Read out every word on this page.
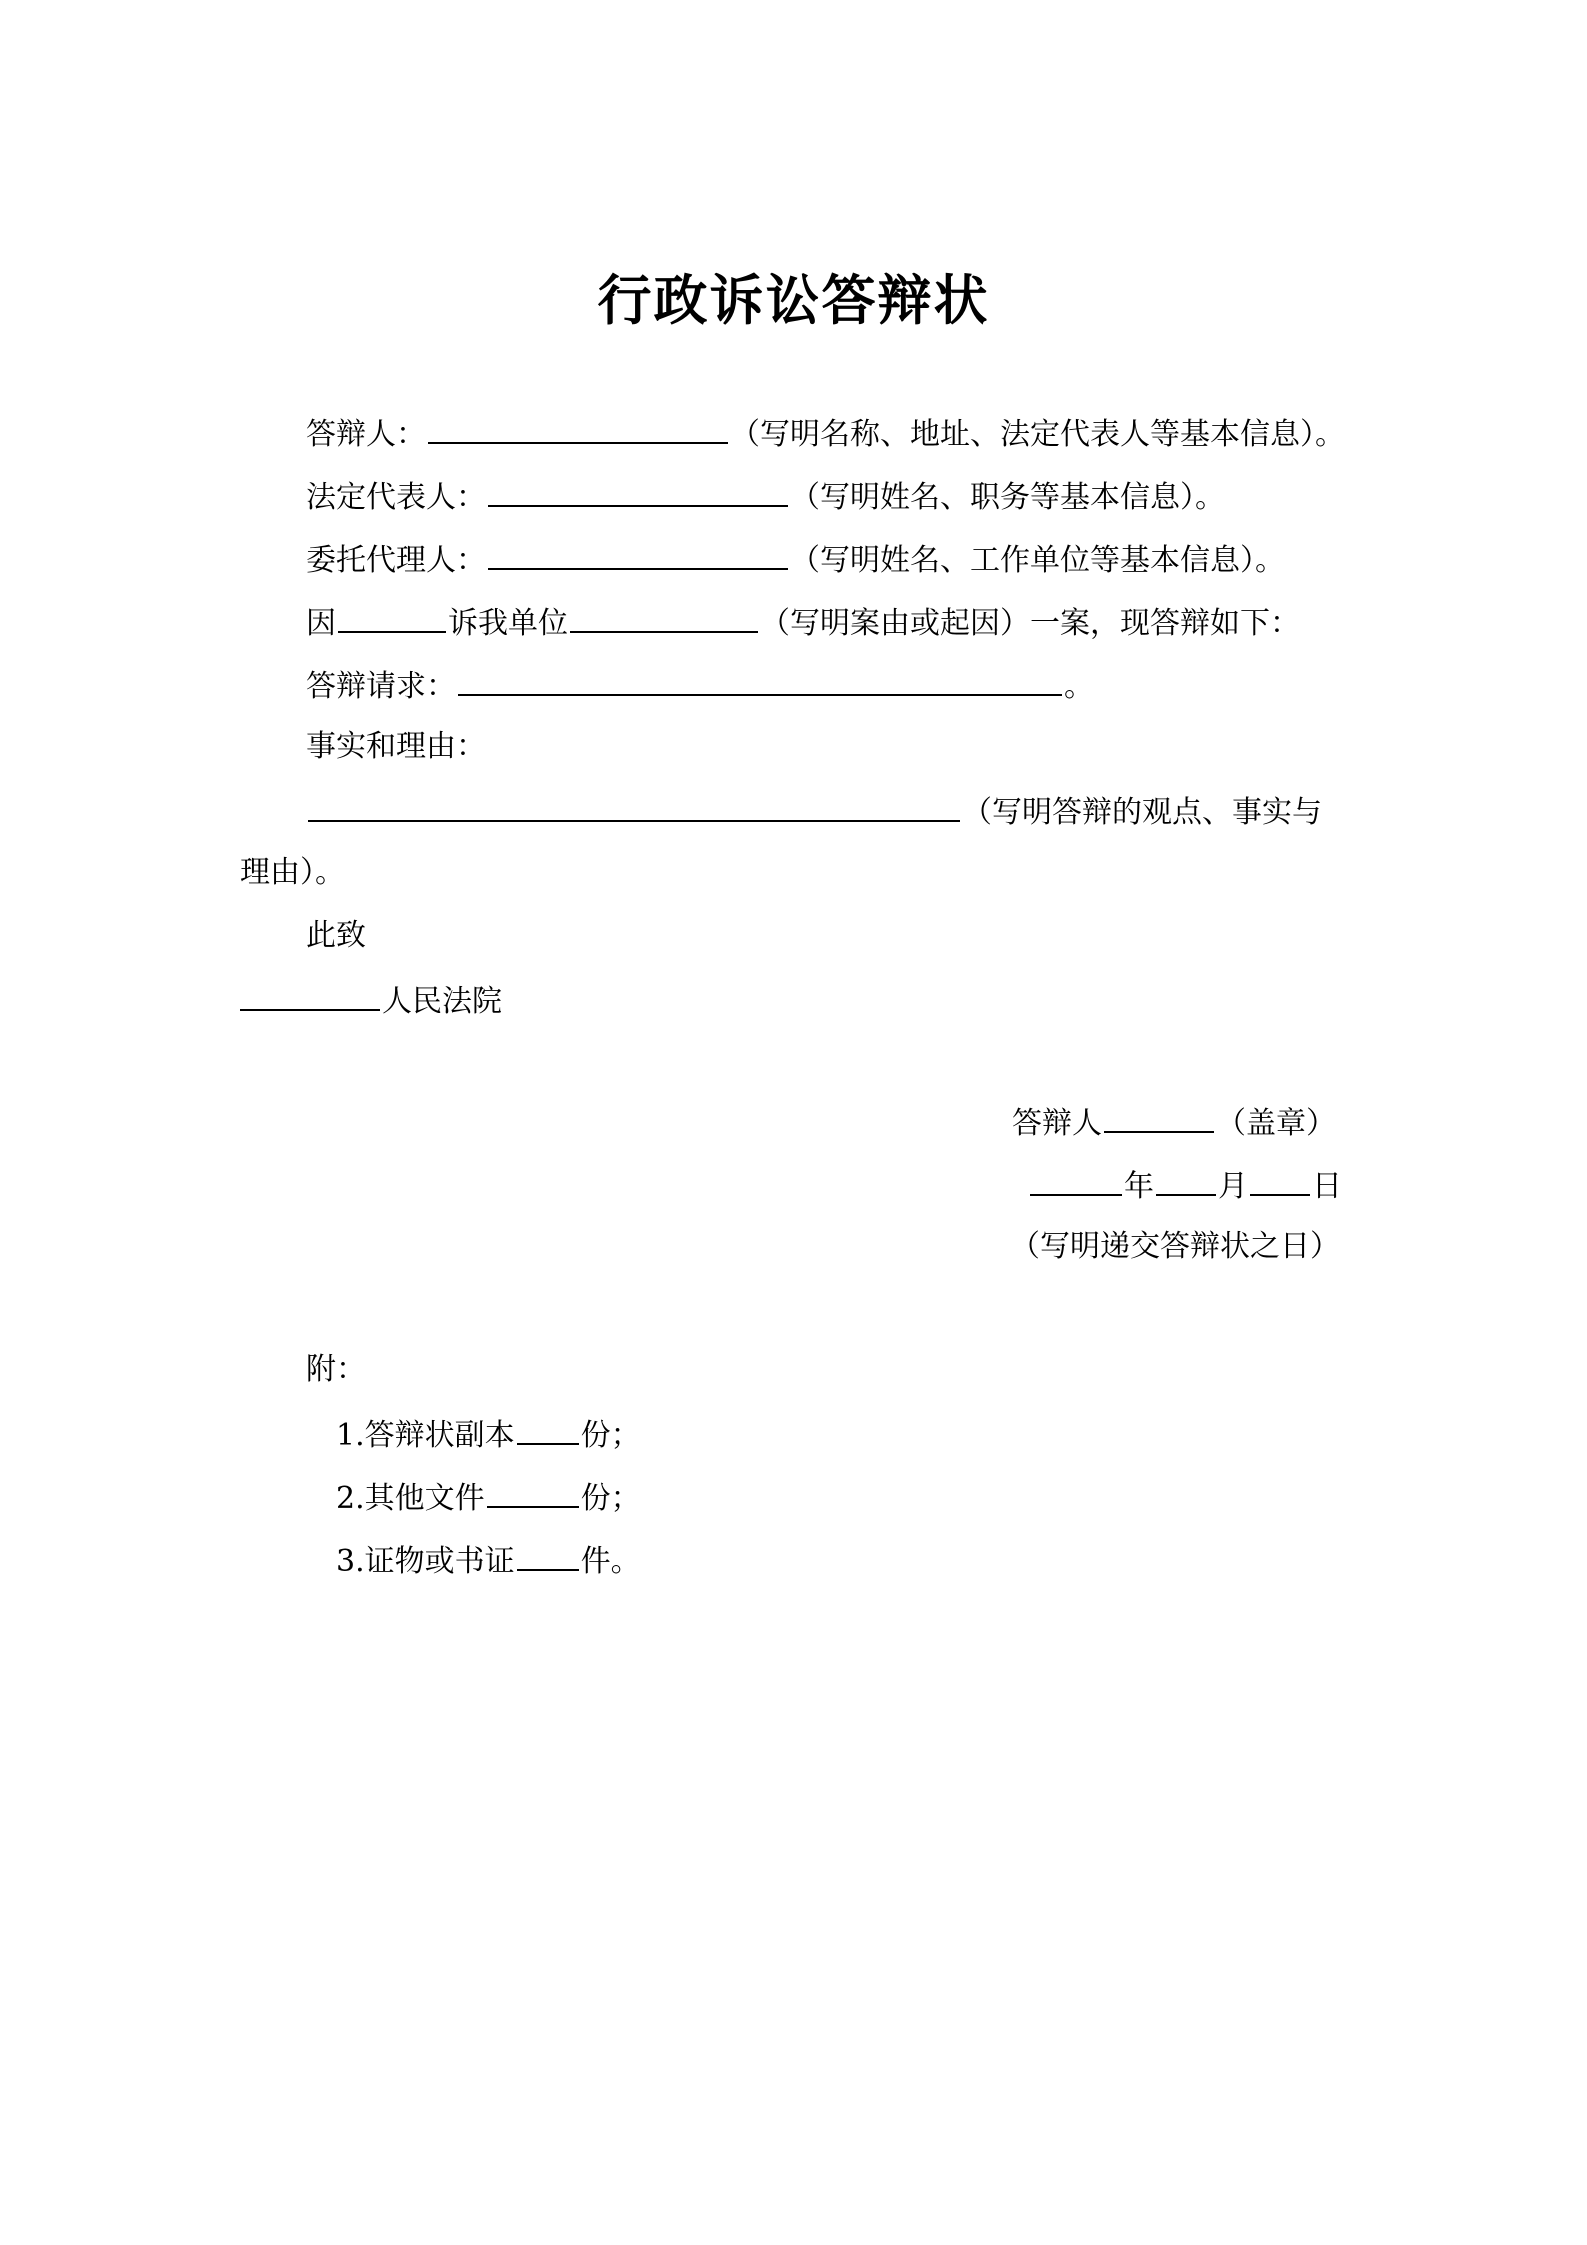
行政诉讼答辩状
答辩人：	（写明名称、地址、法定代表人等基本信息）。
法定代表人：	（写明姓名、职务等基本信息）。
委托代理人：	（写明姓名、工作单位等基本信息）。
因	诉我单位	（写明案由或起因）一案，现答辩如下：
答辩请求：	。
事实和理由：
（写明答辩的观点、事实与
理由）。
此致
人民法院
答辩人	（盖章）
年 月 日
（写明递交答辩状之日）
附：
1.答辩状副本 份；
2.其他文件	份；
3.证物或书证 件。
